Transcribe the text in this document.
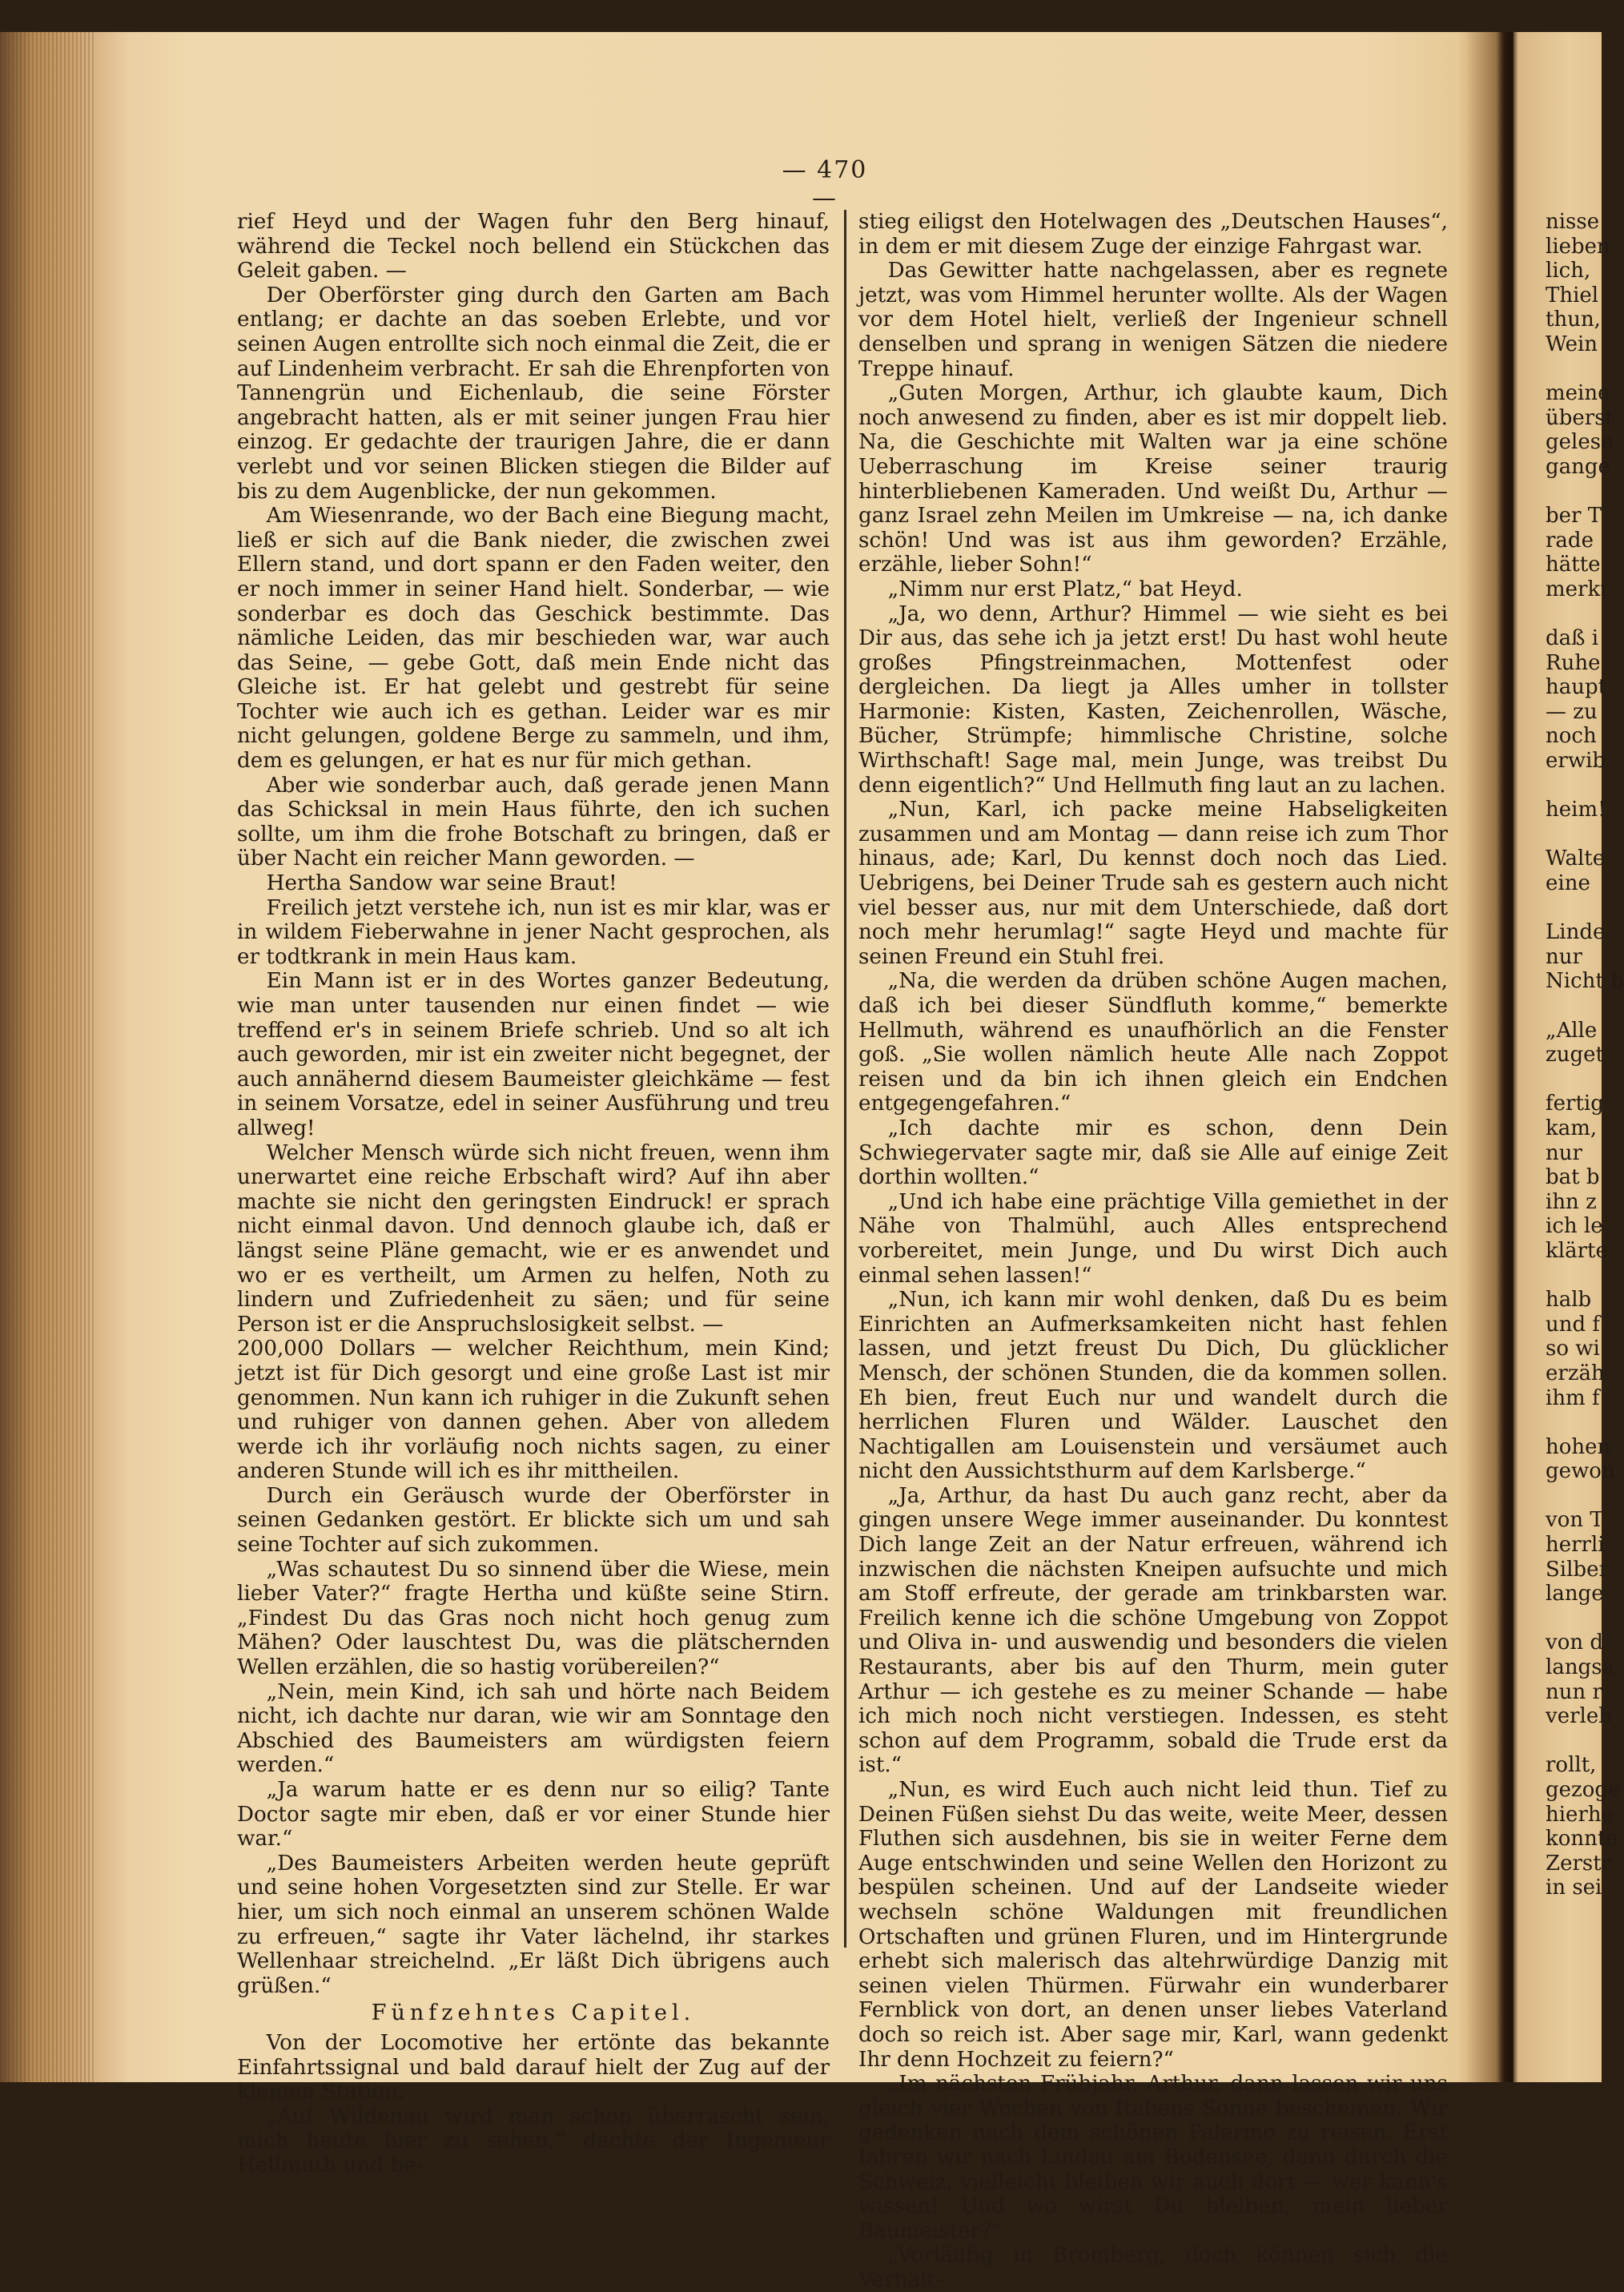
— 470 —

rief Heyd und der Wagen fuhr den Berg hinauf, während die Teckel noch bellend ein Stückchen das Geleit gaben. —

Der Oberförster ging durch den Garten am Bach entlang; er dachte an das soeben Erlebte, und vor seinen Augen entrollte sich noch einmal die Zeit, die er auf Lindenheim verbracht. Er sah die Ehrenpforten von Tannengrün und Eichenlaub, die seine Förster angebracht hatten, als er mit seiner jungen Frau hier einzog. Er gedachte der traurigen Jahre, die er dann verlebt und vor seinen Blicken stiegen die Bilder auf bis zu dem Augenblicke, der nun gekommen.

Am Wiesenrande, wo der Bach eine Biegung macht, ließ er sich auf die Bank nieder, die zwischen zwei Ellern stand, und dort spann er den Faden weiter, den er noch immer in seiner Hand hielt. Sonderbar, — wie sonderbar es doch das Geschick bestimmte. Das nämliche Leiden, das mir beschieden war, war auch das Seine, — gebe Gott, daß mein Ende nicht das Gleiche ist. Er hat gelebt und gestrebt für seine Tochter wie auch ich es gethan. Leider war es mir nicht gelungen, goldene Berge zu sammeln, und ihm, dem es gelungen, er hat es nur für mich gethan.

Aber wie sonderbar auch, daß gerade jenen Mann das Schicksal in mein Haus führte, den ich suchen sollte, um ihm die frohe Botschaft zu bringen, daß er über Nacht ein reicher Mann geworden. —

Hertha Sandow war seine Braut!

Freilich jetzt verstehe ich, nun ist es mir klar, was er in wildem Fieberwahne in jener Nacht gesprochen, als er todtkrank in mein Haus kam.

Ein Mann ist er in des Wortes ganzer Bedeutung, wie man unter tausenden nur einen findet — wie treffend er's in seinem Briefe schrieb. Und so alt ich auch geworden, mir ist ein zweiter nicht begegnet, der auch annähernd diesem Baumeister gleichkäme — fest in seinem Vorsatze, edel in seiner Ausführung und treu allweg!

Welcher Mensch würde sich nicht freuen, wenn ihm unerwartet eine reiche Erbschaft wird? Auf ihn aber machte sie nicht den geringsten Eindruck! er sprach nicht einmal davon. Und dennoch glaube ich, daß er längst seine Pläne gemacht, wie er es anwendet und wo er es vertheilt, um Armen zu helfen, Noth zu lindern und Zufriedenheit zu säen; und für seine Person ist er die Anspruchslosigkeit selbst. —

200,000 Dollars — welcher Reichthum, mein Kind; jetzt ist für Dich gesorgt und eine große Last ist mir genommen. Nun kann ich ruhiger in die Zukunft sehen und ruhiger von dannen gehen. Aber von alledem werde ich ihr vorläufig noch nichts sagen, zu einer anderen Stunde will ich es ihr mittheilen.

Durch ein Geräusch wurde der Oberförster in seinen Gedanken gestört. Er blickte sich um und sah seine Tochter auf sich zukommen.

„Was schautest Du so sinnend über die Wiese, mein lieber Vater?“ fragte Hertha und küßte seine Stirn. „Findest Du das Gras noch nicht hoch genug zum Mähen? Oder lauschtest Du, was die plätschernden Wellen erzählen, die so hastig vorübereilen?“

„Nein, mein Kind, ich sah und hörte nach Beidem nicht, ich dachte nur daran, wie wir am Sonntage den Abschied des Baumeisters am würdigsten feiern werden.“

„Ja warum hatte er es denn nur so eilig? Tante Doctor sagte mir eben, daß er vor einer Stunde hier war.“

„Des Baumeisters Arbeiten werden heute geprüft und seine hohen Vorgesetzten sind zur Stelle. Er war hier, um sich noch einmal an unserem schönen Walde zu erfreuen,“ sagte ihr Vater lächelnd, ihr starkes Wellenhaar streichelnd. „Er läßt Dich übrigens auch grüßen.“

Fünfzehntes Capitel.

Von der Locomotive her ertönte das bekannte Einfahrtssignal und bald darauf hielt der Zug auf der kleinen Station.

„Auf Wildenau wird man schon überrascht sein, mich heute hier zu sehen,“ dachte der Ingenieur Hellmuth und be-

stieg eiligst den Hotelwagen des „Deutschen Hauses“, in dem er mit diesem Zuge der einzige Fahrgast war.

Das Gewitter hatte nachgelassen, aber es regnete jetzt, was vom Himmel herunter wollte. Als der Wagen vor dem Hotel hielt, verließ der Ingenieur schnell denselben und sprang in wenigen Sätzen die niedere Treppe hinauf.

„Guten Morgen, Arthur, ich glaubte kaum, Dich noch anwesend zu finden, aber es ist mir doppelt lieb. Na, die Geschichte mit Walten war ja eine schöne Ueberraschung im Kreise seiner traurig hinterbliebenen Kameraden. Und weißt Du, Arthur — ganz Israel zehn Meilen im Umkreise — na, ich danke schön! Und was ist aus ihm geworden? Erzähle, erzähle, lieber Sohn!“

„Nimm nur erst Platz,“ bat Heyd.

„Ja, wo denn, Arthur? Himmel — wie sieht es bei Dir aus, das sehe ich ja jetzt erst! Du hast wohl heute großes Pfingstreinmachen, Mottenfest oder dergleichen. Da liegt ja Alles umher in tollster Harmonie: Kisten, Kasten, Zeichenrollen, Wäsche, Bücher, Strümpfe; himmlische Christine, solche Wirthschaft! Sage mal, mein Junge, was treibst Du denn eigentlich?“ Und Hellmuth fing laut an zu lachen.

„Nun, Karl, ich packe meine Habseligkeiten zusammen und am Montag — dann reise ich zum Thor hinaus, ade; Karl, Du kennst doch noch das Lied. Uebrigens, bei Deiner Trude sah es gestern auch nicht viel besser aus, nur mit dem Unterschiede, daß dort noch mehr herumlag!“ sagte Heyd und machte für seinen Freund ein Stuhl frei.

„Na, die werden da drüben schöne Augen machen, daß ich bei dieser Sündfluth komme,“ bemerkte Hellmuth, während es unaufhörlich an die Fenster goß. „Sie wollen nämlich heute Alle nach Zoppot reisen und da bin ich ihnen gleich ein Endchen entgegengefahren.“

„Ich dachte mir es schon, denn Dein Schwiegervater sagte mir, daß sie Alle auf einige Zeit dorthin wollten.“

„Und ich habe eine prächtige Villa gemiethet in der Nähe von Thalmühl, auch Alles entsprechend vorbereitet, mein Junge, und Du wirst Dich auch einmal sehen lassen!“

„Nun, ich kann mir wohl denken, daß Du es beim Einrichten an Aufmerksamkeiten nicht hast fehlen lassen, und jetzt freust Du Dich, Du glücklicher Mensch, der schönen Stunden, die da kommen sollen. Eh bien, freut Euch nur und wandelt durch die herrlichen Fluren und Wälder. Lauschet den Nachtigallen am Louisenstein und versäumet auch nicht den Aussichtsthurm auf dem Karlsberge.“

„Ja, Arthur, da hast Du auch ganz recht, aber da gingen unsere Wege immer auseinander. Du konntest Dich lange Zeit an der Natur erfreuen, während ich inzwischen die nächsten Kneipen aufsuchte und mich am Stoff erfreute, der gerade am trinkbarsten war. Freilich kenne ich die schöne Umgebung von Zoppot und Oliva in- und auswendig und besonders die vielen Restaurants, aber bis auf den Thurm, mein guter Arthur — ich gestehe es zu meiner Schande — habe ich mich noch nicht verstiegen. Indessen, es steht schon auf dem Programm, sobald die Trude erst da ist.“

„Nun, es wird Euch auch nicht leid thun. Tief zu Deinen Füßen siehst Du das weite, weite Meer, dessen Fluthen sich ausdehnen, bis sie in weiter Ferne dem Auge entschwinden und seine Wellen den Horizont zu bespülen scheinen. Und auf der Landseite wieder wechseln schöne Waldungen mit freundlichen Ortschaften und grünen Fluren, und im Hintergrunde erhebt sich malerisch das altehrwürdige Danzig mit seinen vielen Thürmen. Fürwahr ein wunderbarer Fernblick von dort, an denen unser liebes Vaterland doch so reich ist. Aber sage mir, Karl, wann gedenkt Ihr denn Hochzeit zu feiern?“

„Im nächsten Frühjahr, Arthur, dann lassen wir uns gleich vier Wochen von Italiens Sonne bescheinen. Wir gedenken nach dem schönen Palermo zu reisen. Erst fahren wir nach Lindau am Bodensee, dann durch die Schweiz, vielleicht bleiben wir auch dort — wer kann's wissen! Und wo wirst Du bleiben, mein lieber Baumeister?“

„Vorläufig in Bromberg, doch können sich die Verhält-

nisse
lieben
lich,
Thiel
thun,
Wein
meine
überst
gelese
gange
ber T
rade
hätte
merkt
daß i
Ruhe
haupt
— zu
noch
erwib
heim!
Walte
eine
Linde
nur
Nicht b
„Alle
zuget
fertig
kam,
nur
bat b
ihn z
ich le
klärte
halb
und f
so wi
erzäh
ihm f
hohen
gewon
von T
herrli
Silber
lange
von d
langsa
nun r
verleb
rollt,
gezoge
hierhe
konnte
Zerstr
in sei
